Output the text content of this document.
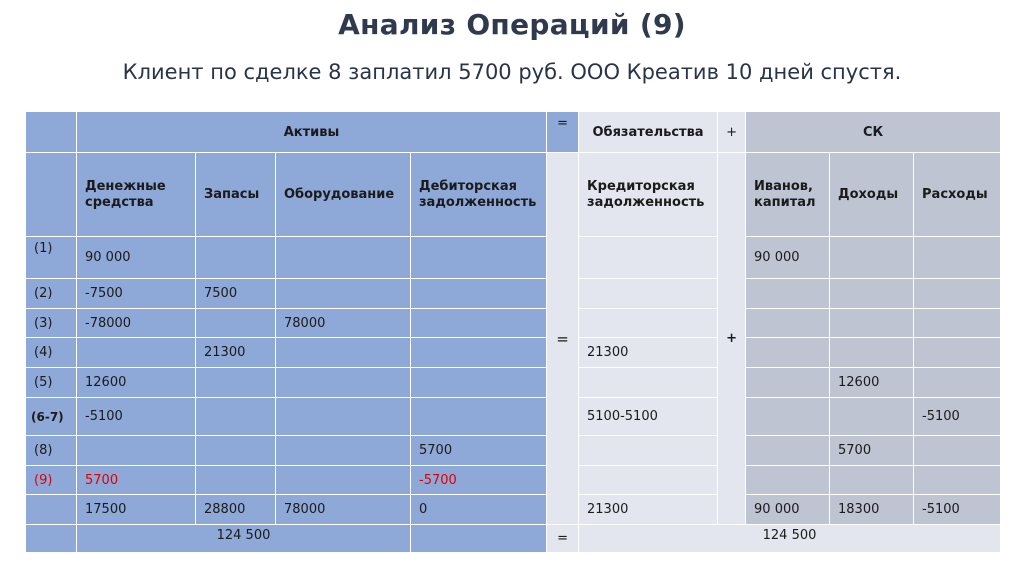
Анализ Операций (9)
Клиент по сделке 8 заплатил 5700 руб. ООО Креатив 10 дней спустя.
	Активы				=	Обязательства	+	СК		
	Денежные средства	Запасы	Оборудование	Дебиторская задолженность	=	Кредиторская задолженность	+	Иванов, капитал	Доходы	Расходы
(1)	90 000							90 000		
(2)	-7500	7500								
(3)	-78000		78000							
(4)		21300				21300				
(5)	12600								12600	
(6-7)	-5100					5100-5100				-5100
(8)				5700					5700	
(9)	5700			-5700						
	17500	28800	78000	0		21300		90 000	18300	-5100
	124 500				=	124 500				
